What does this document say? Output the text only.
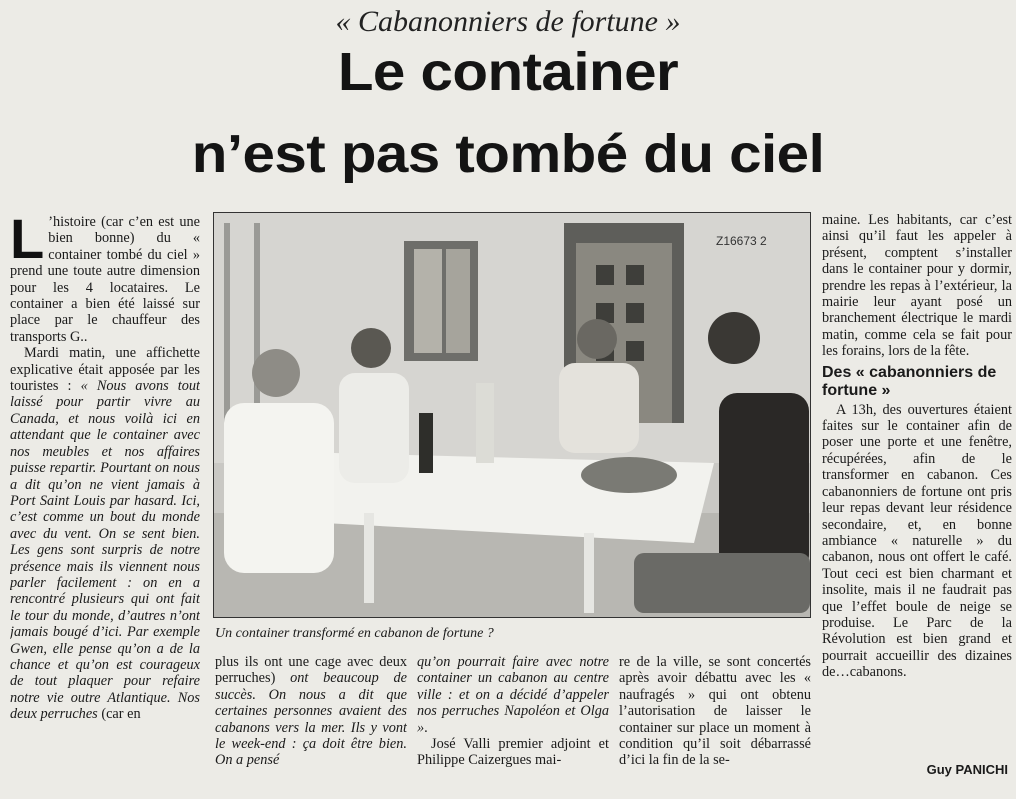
« Cabanonniers de fortune »
Le container
n’est pas tombé du ciel

L ’histoire (car c’en est une bien bonne) du « container tombé du ciel » prend une toute autre dimension pour les 4 locataires. Le container a bien été laissé sur place par le chauffeur des transports G..

Mardi matin, une affichette explicative était apposée par les touristes : « Nous avons tout laissé pour partir vivre au Canada, et nous voilà ici en attendant que le container avec nos meubles et nos affaires puisse repartir. Pourtant on nous a dit qu’on ne vient jamais à Port Saint Louis par hasard. Ici, c’est comme un bout du monde avec du vent. On se sent bien. Les gens sont surpris de notre présence mais ils viennent nous parler facilement : on en a rencontré plusieurs qui ont fait le tour du monde, d’autres n’ont jamais bougé d’ici. Par exemple Gwen, elle pense qu’on a de la chance et qu’on est courageux de tout plaquer pour refaire notre vie outre Atlantique. Nos deux perruches (car en

Z16673 2
Un container transformé en cabanon de fortune ?

plus ils ont une cage avec deux perruches) ont beaucoup de succès. On nous a dit que certaines personnes avaient des cabanons vers la mer. Ils y vont le week-end : ça doit être bien. On a pensé

qu’on pourrait faire avec notre container un cabanon au centre ville : et on a décidé d’appeler nos perruches Napoléon et Olga ».

José Valli premier adjoint et Philippe Caizergues mai-

re de la ville, se sont concertés après avoir débattu avec les « naufragés » qui ont obtenu l’autorisation de laisser le container sur place un moment à condition qu’il soit débarrassé d’ici la fin de la se-

maine. Les habitants, car c’est ainsi qu’il faut les appeler à présent, comptent s’installer dans le container pour y dormir, prendre les repas à l’extérieur, la mairie leur ayant posé un branchement électrique le mardi matin, comme cela se fait pour les forains, lors de la fête.

Des « cabanonniers de fortune »

A 13h, des ouvertures étaient faites sur le container afin de poser une porte et une fenêtre, récupérées, afin de le transformer en cabanon. Ces cabanonniers de fortune ont pris leur repas devant leur résidence secondaire, et, en bonne ambiance « naturelle » du cabanon, nous ont offert le café. Tout ceci est bien charmant et insolite, mais il ne faudrait pas que l’effet boule de neige se produise. Le Parc de la Révolution est bien grand et pourrait accueillir des dizaines de…cabanons.

Guy PANICHI
